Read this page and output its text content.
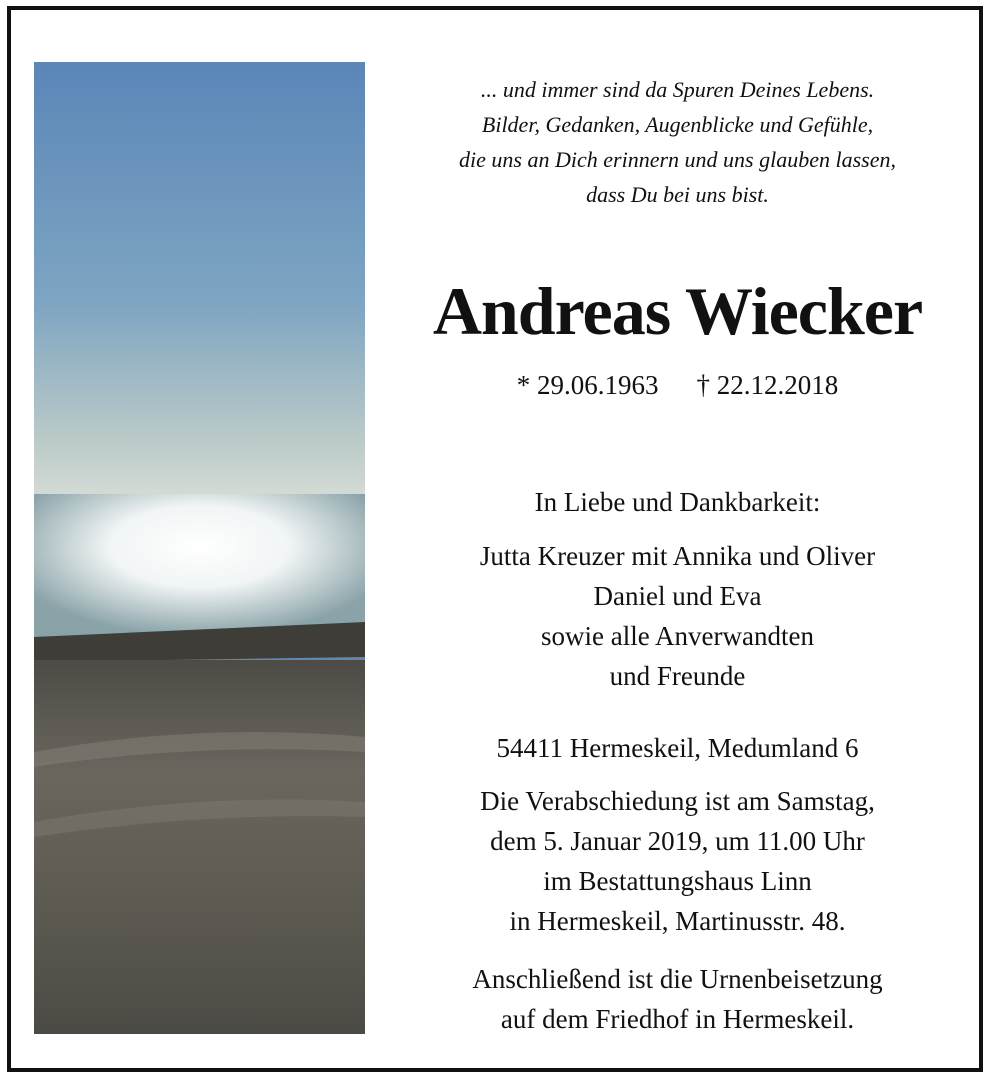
... und immer sind da Spuren Deines Lebens.
Bilder, Gedanken, Augenblicke und Gefühle,
die uns an Dich erinnern und uns glauben lassen,
dass Du bei uns bist.
Andreas Wiecker
* 29.06.1963 † 22.12.2018
In Liebe und Dankbarkeit:
Jutta Kreuzer mit Annika und Oliver
Daniel und Eva
sowie alle Anverwandten
und Freunde
54411 Hermeskeil, Medumland 6
Die Verabschiedung ist am Samstag,
dem 5. Januar 2019, um 11.00 Uhr
im Bestattungshaus Linn
in Hermeskeil, Martinusstr. 48.
Anschließend ist die Urnenbeisetzung
auf dem Friedhof in Hermeskeil.
